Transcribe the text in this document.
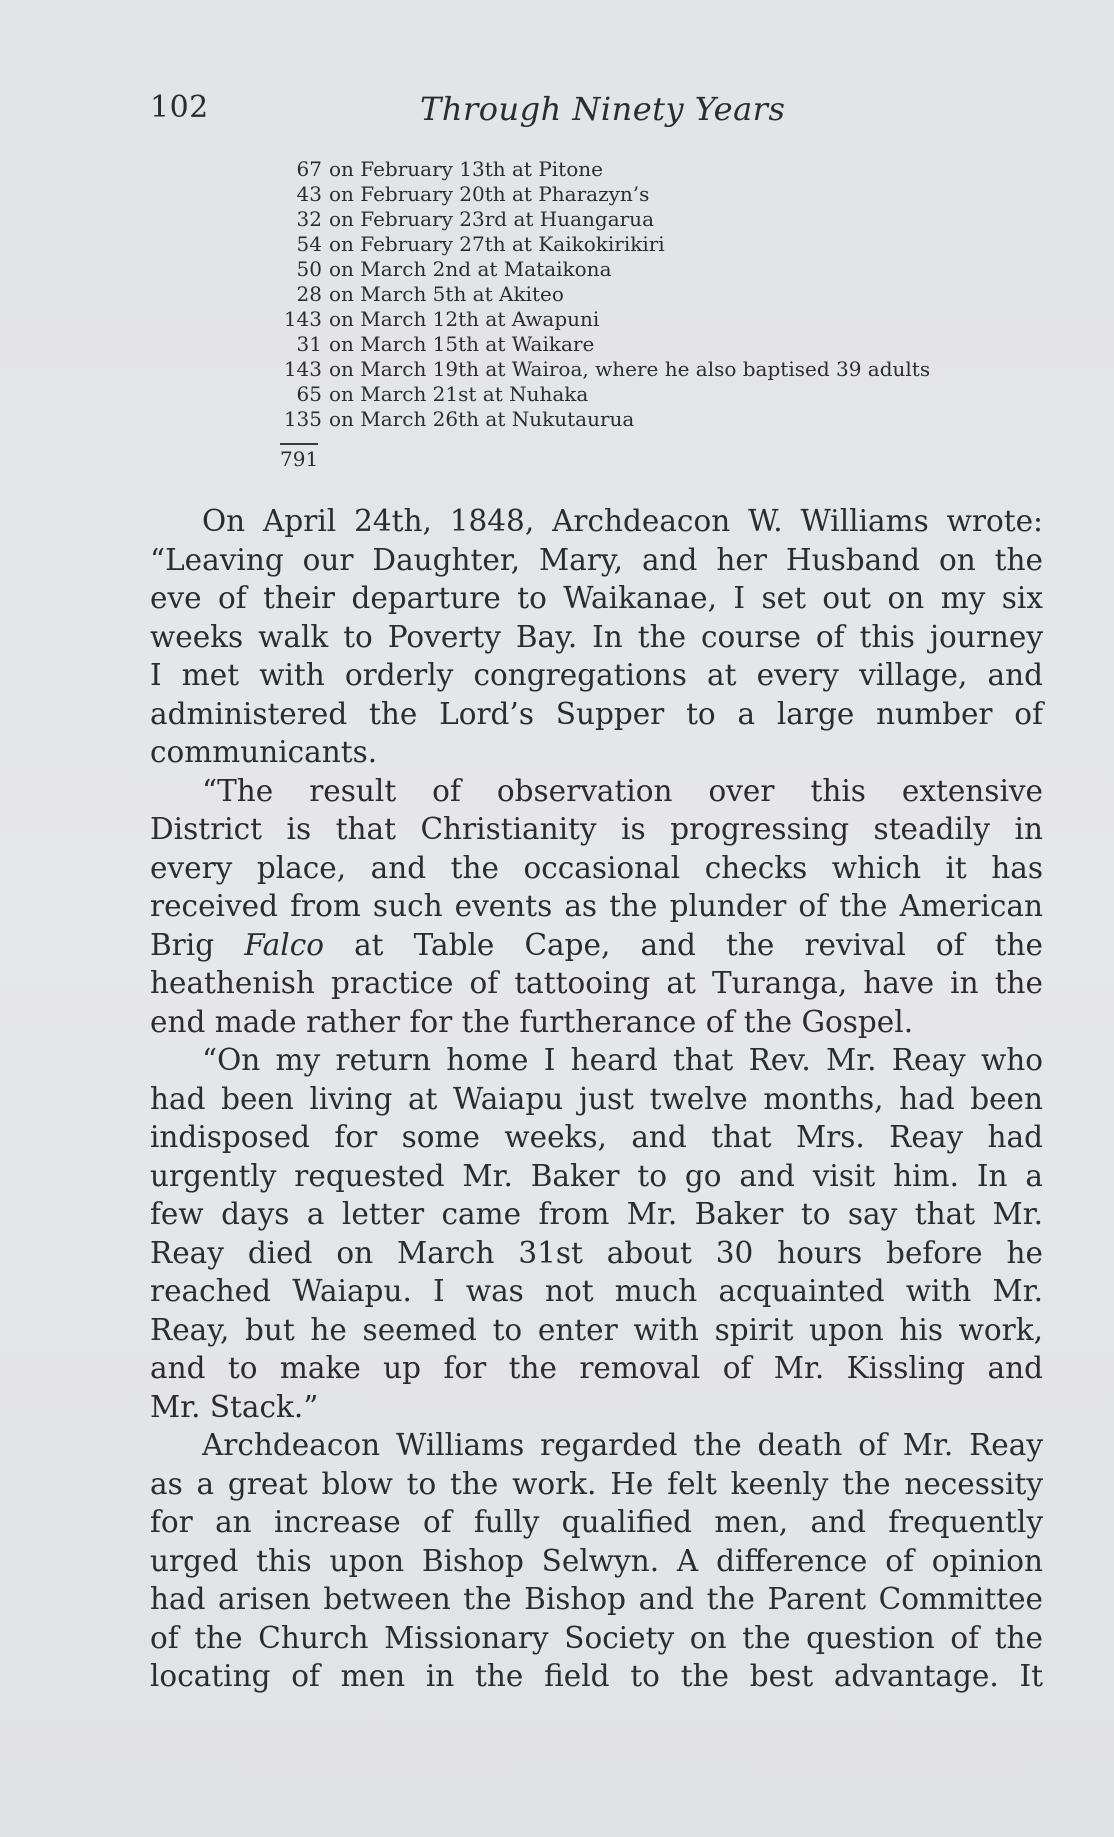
102	Through Ninety Years
67 on February 13th at Pitone
43 on February 20th at Pharazyn’s
32 on February 23rd at Huangarua
54 on February 27th at Kaikokirikiri
50 on March 2nd at Mataikona
28 on March 5th at Akiteo
143 on March 12th at Awapuni
31 on March 15th at Waikare
143 on March 19th at Wairoa, where he also baptised 39 adults
65 on March 21st at Nuhaka
135 on March 26th at Nukutaurua
791

On April 24th, 1848, Archdeacon W. Williams wrote:

“Leaving our Daughter, Mary, and her Husband on the

eve of their departure to Waikanae, I set out on my six

weeks walk to Poverty Bay. In the course of this journey

I met with orderly congregations at every village, and

administered the Lord’s Supper to a large number of

communicants.

“The result of observation over this extensive

District is that Christianity is progressing steadily in

every place, and the occasional checks which it has

received from such events as the plunder of the American

Brig Falco at Table Cape, and the revival of the

heathenish practice of tattooing at Turanga, have in the

end made rather for the furtherance of the Gospel.

“On my return home I heard that Rev. Mr. Reay who

had been living at Waiapu just twelve months, had been

indisposed for some weeks, and that Mrs. Reay had

urgently requested Mr. Baker to go and visit him. In a

few days a letter came from Mr. Baker to say that Mr.

Reay died on March 31st about 30 hours before he

reached Waiapu. I was not much acquainted with Mr.

Reay, but he seemed to enter with spirit upon his work,

and to make up for the removal of Mr. Kissling and

Mr. Stack.”

Archdeacon Williams regarded the death of Mr. Reay

as a great blow to the work. He felt keenly the necessity

for an increase of fully qualified men, and frequently

urged this upon Bishop Selwyn. A difference of opinion

had arisen between the Bishop and the Parent Committee

of the Church Missionary Society on the question of the

locating of men in the field to the best advantage. It
